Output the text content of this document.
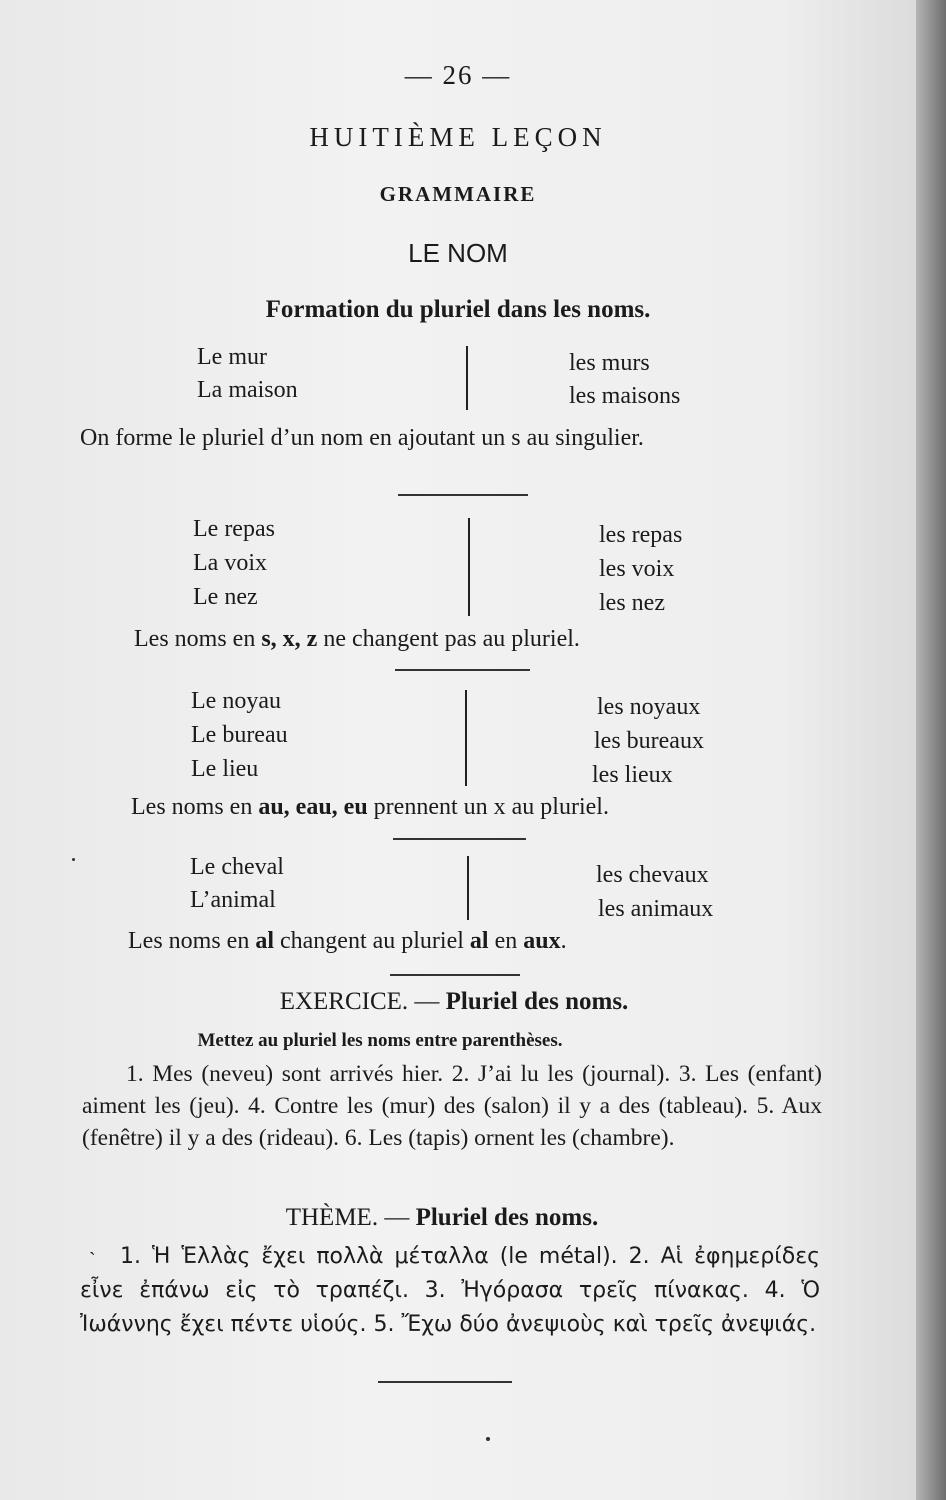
— 26 —
HUITIÈME LEÇON
GRAMMAIRE
LE NOM
Formation du pluriel dans les noms.
Le mur
La maison
les murs
les maisons
On forme le pluriel d’un nom en ajoutant un s au singulier.
Le repas
La voix
Le nez
les repas
les voix
les nez
Les noms en s, x, z ne changent pas au pluriel.
Le noyau
Le bureau
Le lieu
les noyaux
les bureaux
les lieux
Les noms en au, eau, eu prennent un x au pluriel.
Le cheval
L’animal
les chevaux
les animaux
Les noms en al changent au pluriel al en aux.
EXERCICE. — Pluriel des noms.
Mettez au pluriel les noms entre parenthèses.
1. Mes (neveu) sont arrivés hier. 2. J’ai lu les (journal). 3. Les (enfant) aiment les (jeu). 4. Contre les (mur) des (salon) il y a des (tableau). 5. Aux (fenêtre) il y a des (rideau). 6. Les (tapis) ornent les (chambre).
THÈME. — Pluriel des noms.
1. Ἡ Ἑλλὰς ἔχει πολλὰ μέταλλα (le métal). 2. Αἱ ἐφημερίδες εἶνε ἐπάνω εἰς τὸ τραπέζι. 3. Ἠγόρασα τρεῖς πίνακας. 4. Ὁ Ἰωάννης ἔχει πέντε υἱούς. 5. Ἔχω δύο ἀνεψιοὺς καὶ τρεῖς ἀνεψιάς.
˴
